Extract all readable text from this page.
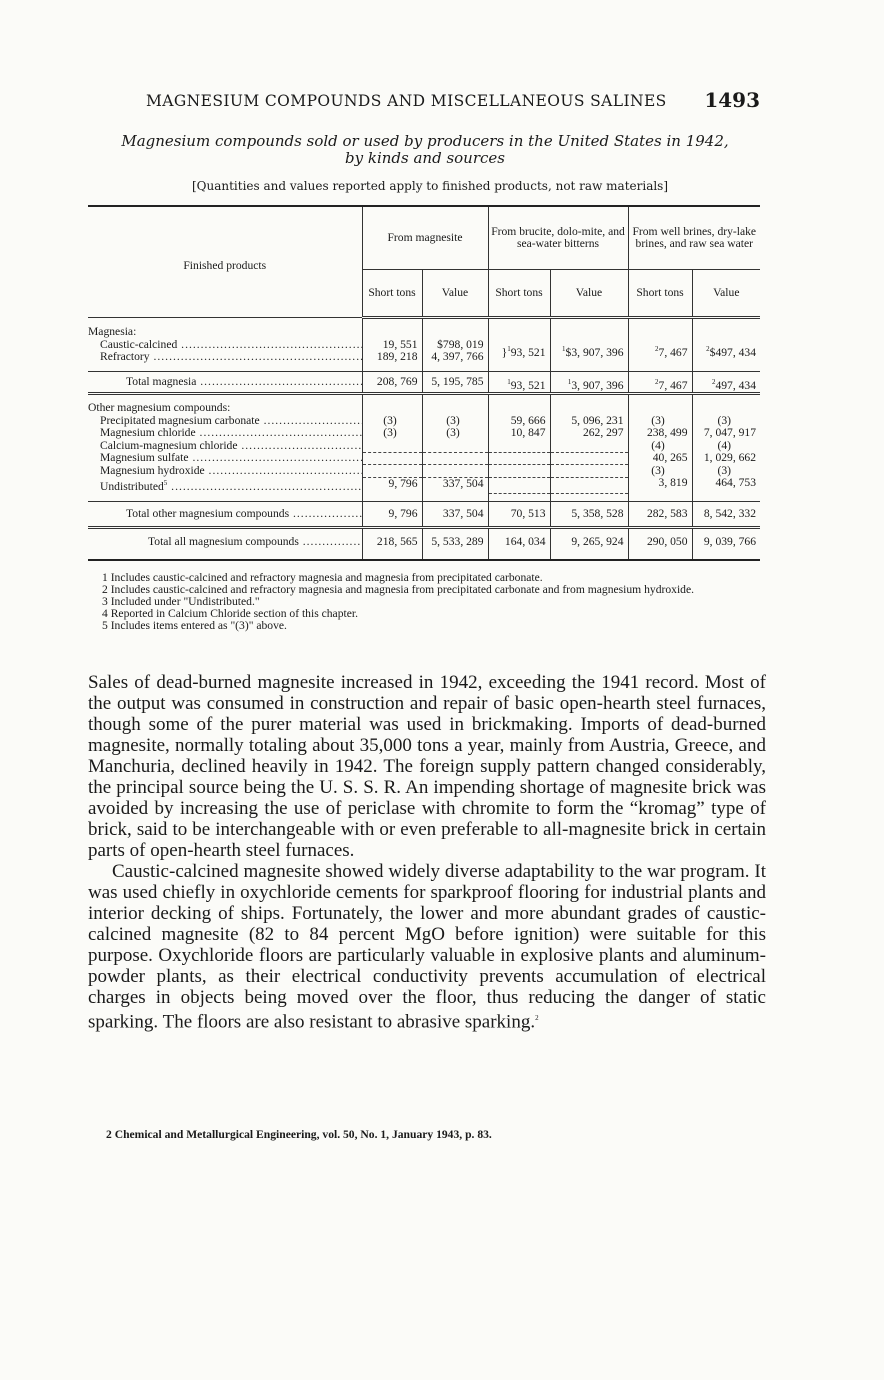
MAGNESIUM COMPOUNDS AND MISCELLANEOUS SALINES 1493
Magnesium compounds sold or used by producers in the United States in 1942,
by kinds and sources
[Quantities and values reported apply to finished products, not raw materials]
Finished products	From magnesite		From brucite, dolo-mite, and sea-water bitterns		From well brines, dry-lake brines, and raw sea water	
	Short tons	Value	Short tons	Value	Short tons	Value

Magnesia:						
Caustic-calcined .....	19, 551	$798, 019	}$^1$93, 521	$^1$\$3, 907, 396	$^2$7, 467	$^2$\$497, 434
Refractory .....	189, 218	4, 397, 766				

Total magnesia .....	208, 769	5, 195, 785	$^1$93, 521	$^1$3, 907, 396	$^2$7, 467	$^2$497, 434

Other magnesium compounds:						
Precipitated magnesium carbonate .....	(3)	(3)	59, 666	5, 096, 231	(3)	(3)
Magnesium chloride .....	(3)	(3)	10, 847	262, 297	238, 499	7, 047, 917
Calcium-magnesium chloride .....					(4)	(4)
Magnesium sulfate .....					40, 265	1, 029, 662
Magnesium hydroxide .....					(3)	(3)
Undistributed$^5$ .....	9, 796	337, 504			3, 819	464, 753

Total other magnesium compounds .....	9, 796	337, 504	70, 513	5, 358, 528	282, 583	8, 542, 332
Total all magnesium compounds .....	218, 565	5, 533, 289	164, 034	9, 265, 924	290, 050	9, 039, 766

1 Includes caustic-calcined and refractory magnesia and magnesia from precipitated carbonate.

2 Includes caustic-calcined and refractory magnesia and magnesia from precipitated carbonate and from magnesium hydroxide.

3 Included under "Undistributed."

4 Reported in Calcium Chloride section of this chapter.

5 Includes items entered as "(3)" above.

Sales of dead-burned magnesite increased in 1942, exceeding the 1941 record. Most of the output was consumed in construction and repair of basic open-hearth steel furnaces, though some of the purer material was used in brickmaking. Imports of dead-burned magnesite, normally totaling about 35,000 tons a year, mainly from Austria, Greece, and Manchuria, declined heavily in 1942. The foreign supply pattern changed considerably, the principal source being the U. S. S. R. An impending shortage of magnesite brick was avoided by increasing the use of periclase with chromite to form the “kromag” type of brick, said to be interchangeable with or even preferable to all-magnesite brick in certain parts of open-hearth steel furnaces.

Caustic-calcined magnesite showed widely diverse adaptability to the war program. It was used chiefly in oxychloride cements for sparkproof flooring for industrial plants and interior decking of ships. Fortunately, the lower and more abundant grades of caustic-calcined magnesite (82 to 84 percent MgO before ignition) were suitable for this purpose. Oxychloride floors are particularly valuable in explosive plants and aluminum-powder plants, as their electrical conductivity prevents accumulation of electrical charges in objects being moved over the floor, thus reducing the danger of static sparking. The floors are also resistant to abrasive sparking.$^2$

2 Chemical and Metallurgical Engineering, vol. 50, No. 1, January 1943, p. 83.
